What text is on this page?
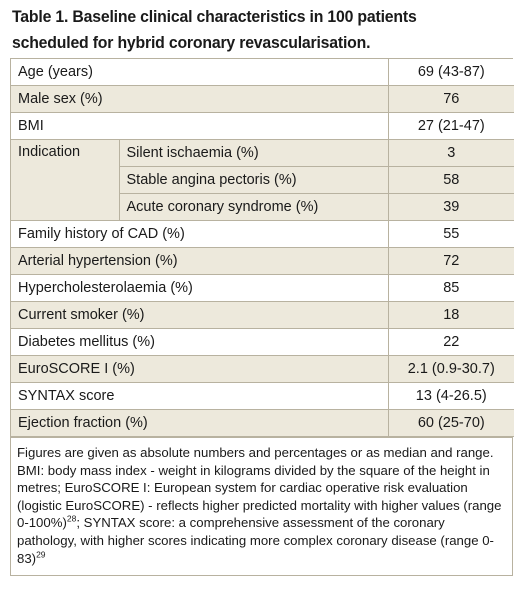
Table 1. Baseline clinical characteristics in 100 patients
scheduled for hybrid coronary revascularisation.
Age (years)		69 (43-87)
Male sex (%)		76
BMI		27 (21-47)
Indication	Silent ischaemia (%)	3
	Stable angina pectoris (%)	58
	Acute coronary syndrome (%)	39
Family history of CAD (%)		55
Arterial hypertension (%)		72
Hypercholesterolaemia (%)		85
Current smoker (%)		18
Diabetes mellitus (%)		22
EuroSCORE I (%)		2.1 (0.9-30.7)
SYNTAX score		13 (4-26.5)
Ejection fraction (%)		60 (25-70)
Figures are given as absolute numbers and percentages or as median and range. BMI: body mass index - weight in kilograms divided by the square of the height in metres; EuroSCORE I: European system for cardiac operative risk evaluation (logistic EuroSCORE) - reflects higher predicted mortality with higher values (range 0-100%)$^{28}$; SYNTAX score: a comprehensive assessment of the coronary pathology, with higher scores indicating more complex coronary disease (range 0-83)$^{29}$
